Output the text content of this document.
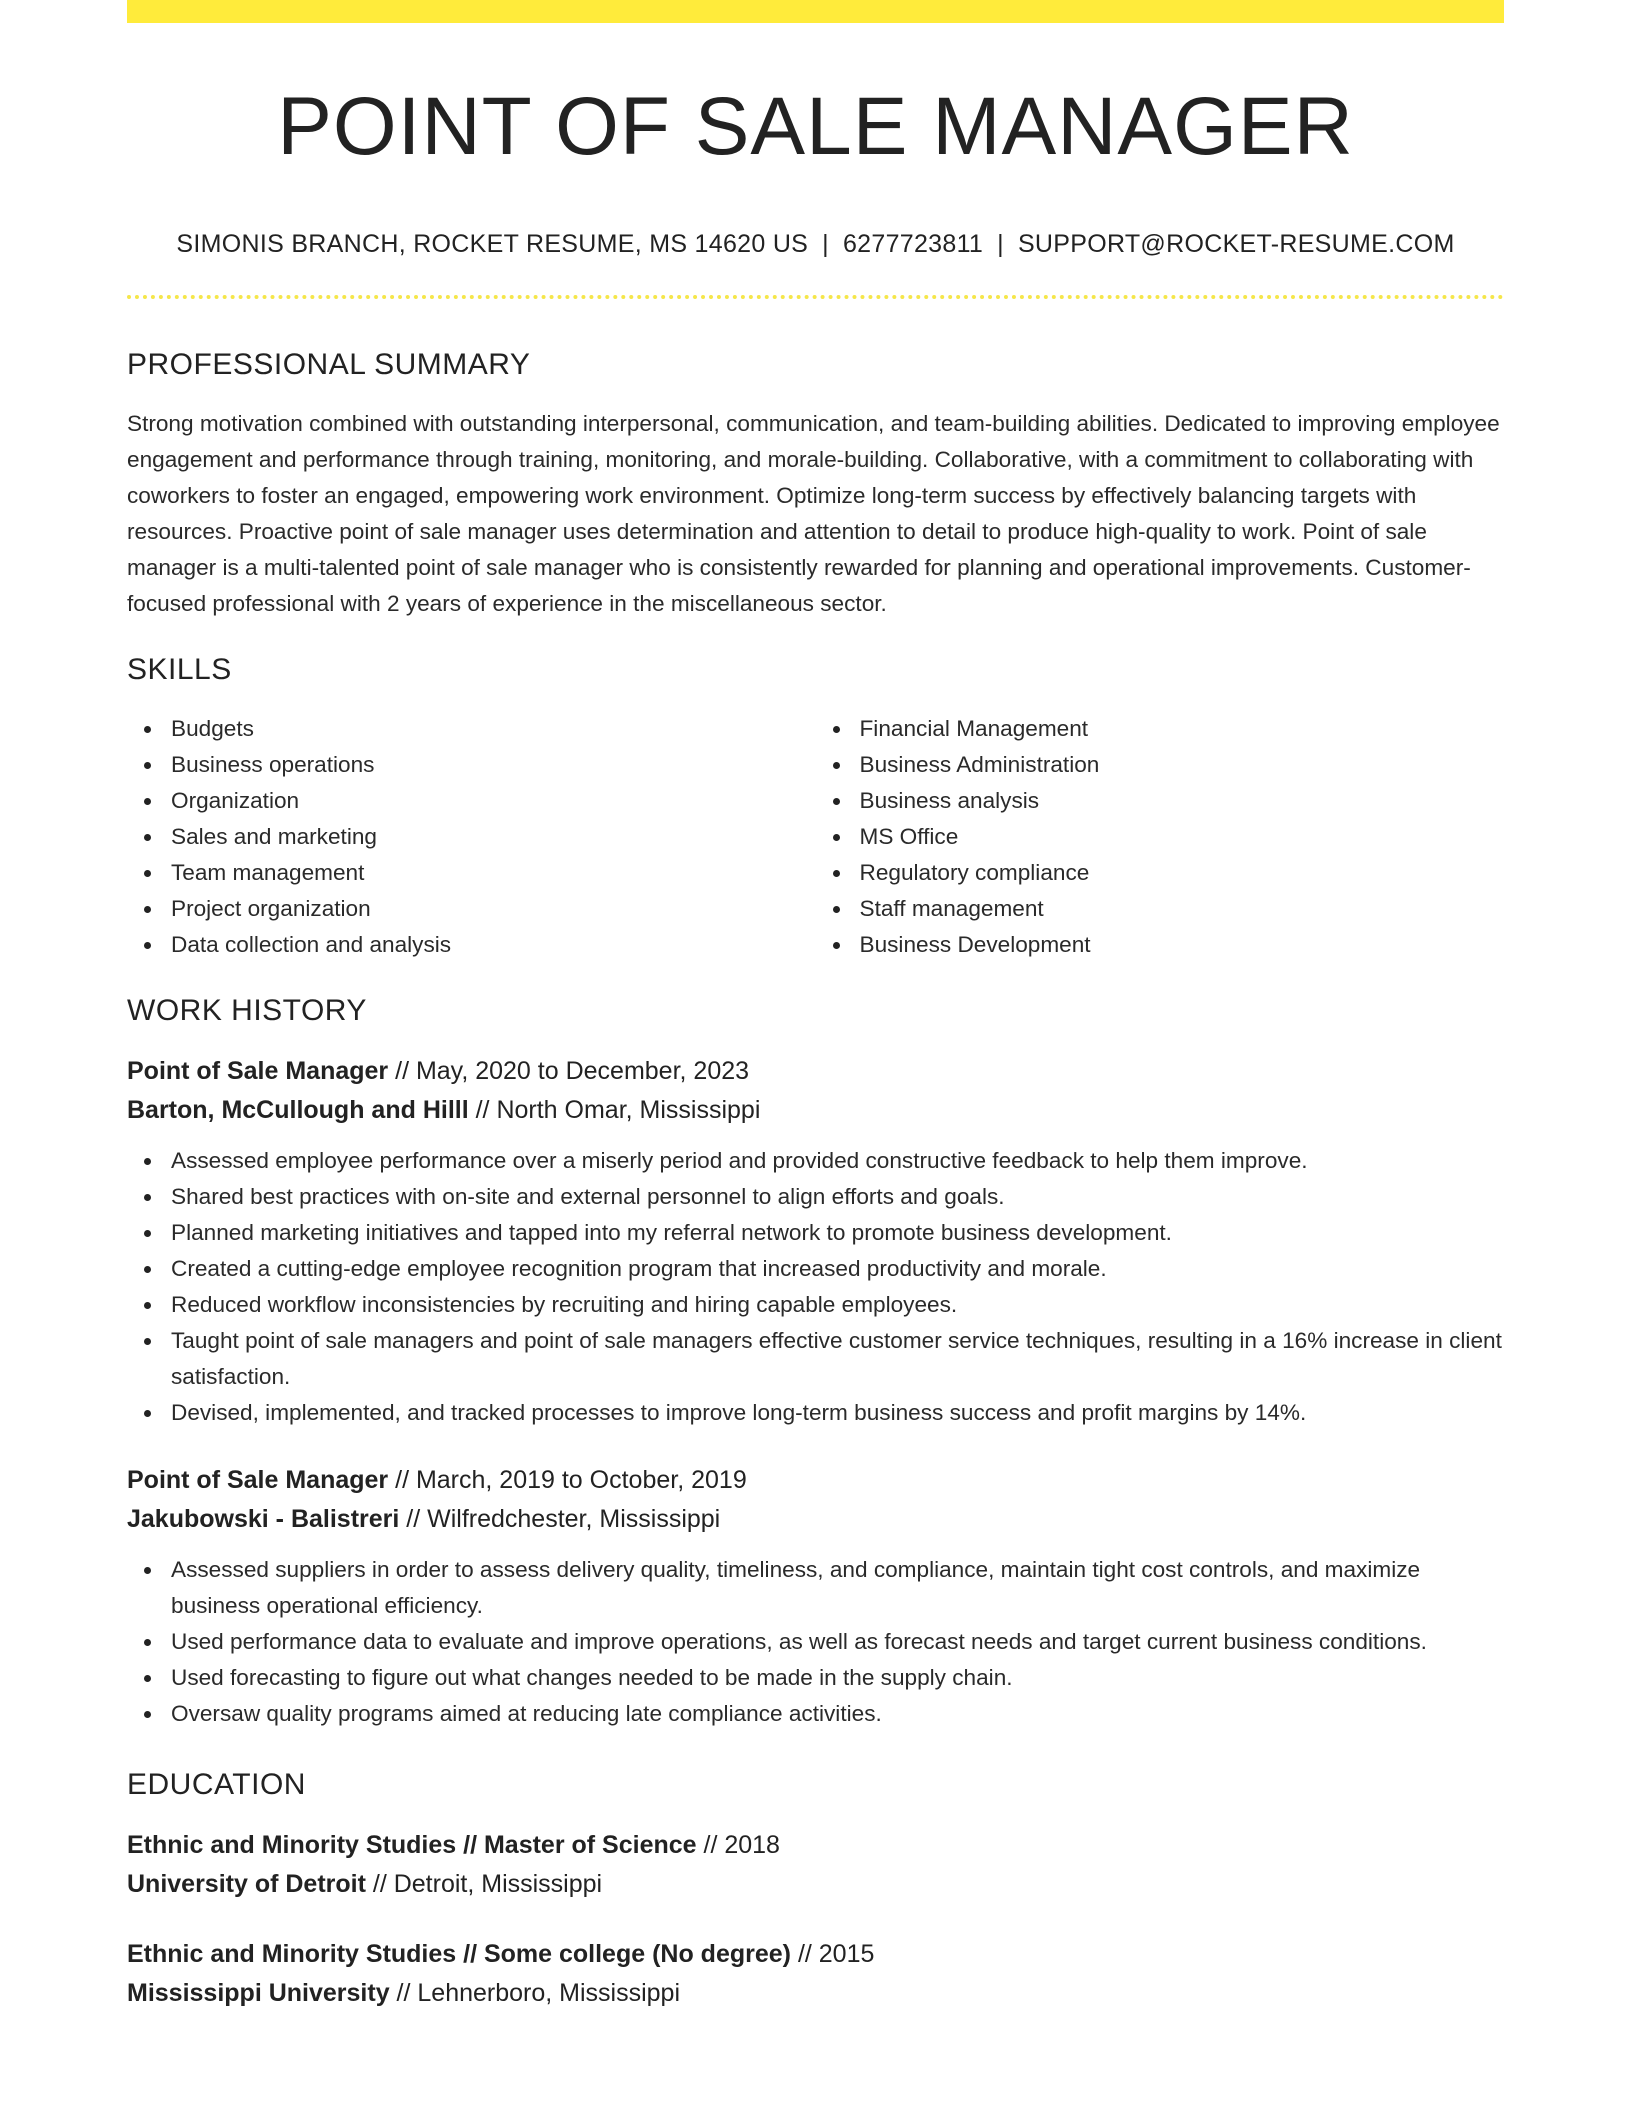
POINT OF SALE MANAGER
SIMONIS BRANCH, ROCKET RESUME, MS 14620 US | 6277723811 | SUPPORT@ROCKET-RESUME.COM
PROFESSIONAL SUMMARY

Strong motivation combined with outstanding interpersonal, communication, and team-building abilities. Dedicated to improving employee engagement and performance through training, monitoring, and morale-building. Collaborative, with a commitment to collaborating with coworkers to foster an engaged, empowering work environment. Optimize long-term success by effectively balancing targets with resources. Proactive point of sale manager uses determination and attention to detail to produce high-quality to work. Point of sale manager is a multi-talented point of sale manager who is consistently rewarded for planning and operational improvements. Customer-focused professional with 2 years of experience in the miscellaneous sector.

SKILLS
Budgets
Business operations
Organization
Sales and marketing
Team management
Project organization
Data collection and analysis
Financial Management
Business Administration
Business analysis
MS Office
Regulatory compliance
Staff management
Business Development
WORK HISTORY
Point of Sale Manager // May, 2020 to December, 2023
Barton, McCullough and Hilll // North Omar, Mississippi
Assessed employee performance over a miserly period and provided constructive feedback to help them improve.
Shared best practices with on-site and external personnel to align efforts and goals.
Planned marketing initiatives and tapped into my referral network to promote business development.
Created a cutting-edge employee recognition program that increased productivity and morale.
Reduced workflow inconsistencies by recruiting and hiring capable employees.
Taught point of sale managers and point of sale managers effective customer service techniques, resulting in a 16% increase in client satisfaction.
Devised, implemented, and tracked processes to improve long-term business success and profit margins by 14%.
Point of Sale Manager // March, 2019 to October, 2019
Jakubowski - Balistreri // Wilfredchester, Mississippi
Assessed suppliers in order to assess delivery quality, timeliness, and compliance, maintain tight cost controls, and maximize business operational efficiency.
Used performance data to evaluate and improve operations, as well as forecast needs and target current business conditions.
Used forecasting to figure out what changes needed to be made in the supply chain.
Oversaw quality programs aimed at reducing late compliance activities.
EDUCATION
Ethnic and Minority Studies // Master of Science // 2018
University of Detroit // Detroit, Mississippi
Ethnic and Minority Studies // Some college (No degree) // 2015
Mississippi University // Lehnerboro, Mississippi
